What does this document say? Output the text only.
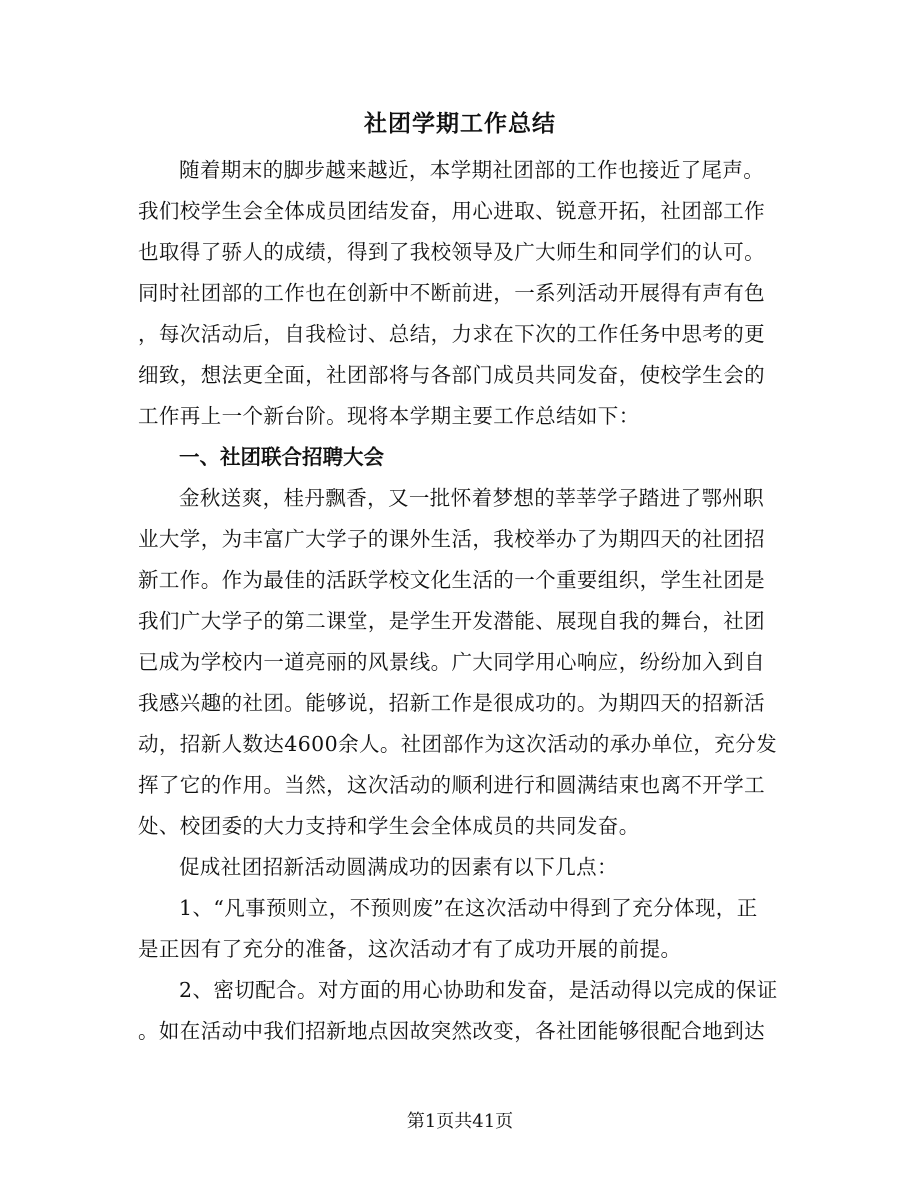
社团学期工作总结

随着期末的脚步越来越近，本学期社团部的工作也接近了尾声。
我们校学生会全体成员团结发奋，用心进取、锐意开拓，社团部工作
也取得了骄人的成绩，得到了我校领导及广大师生和同学们的认可。
同时社团部的工作也在创新中不断前进，一系列活动开展得有声有色
，每次活动后，自我检讨、总结，力求在下次的工作任务中思考的更
细致，想法更全面，社团部将与各部门成员共同发奋，使校学生会的
工作再上一个新台阶。现将本学期主要工作总结如下：

一、社团联合招聘大会

金秋送爽，桂丹飘香，又一批怀着梦想的莘莘学子踏进了鄂州职
业大学，为丰富广大学子的课外生活，我校举办了为期四天的社团招
新工作。作为最佳的活跃学校文化生活的一个重要组织，学生社团是
我们广大学子的第二课堂，是学生开发潜能、展现自我的舞台，社团
已成为学校内一道亮丽的风景线。广大同学用心响应，纷纷加入到自
我感兴趣的社团。能够说，招新工作是很成功的。为期四天的招新活
动，招新人数达4600余人。社团部作为这次活动的承办单位，充分发
挥了它的作用。当然，这次活动的顺利进行和圆满结束也离不开学工
处、校团委的大力支持和学生会全体成员的共同发奋。

促成社团招新活动圆满成功的因素有以下几点：

1、“凡事预则立，不预则废”在这次活动中得到了充分体现，正
是正因有了充分的准备，这次活动才有了成功开展的前提。

2、密切配合。对方面的用心协助和发奋，是活动得以完成的保证
。如在活动中我们招新地点因故突然改变，各社团能够很配合地到达

第1页共41页
